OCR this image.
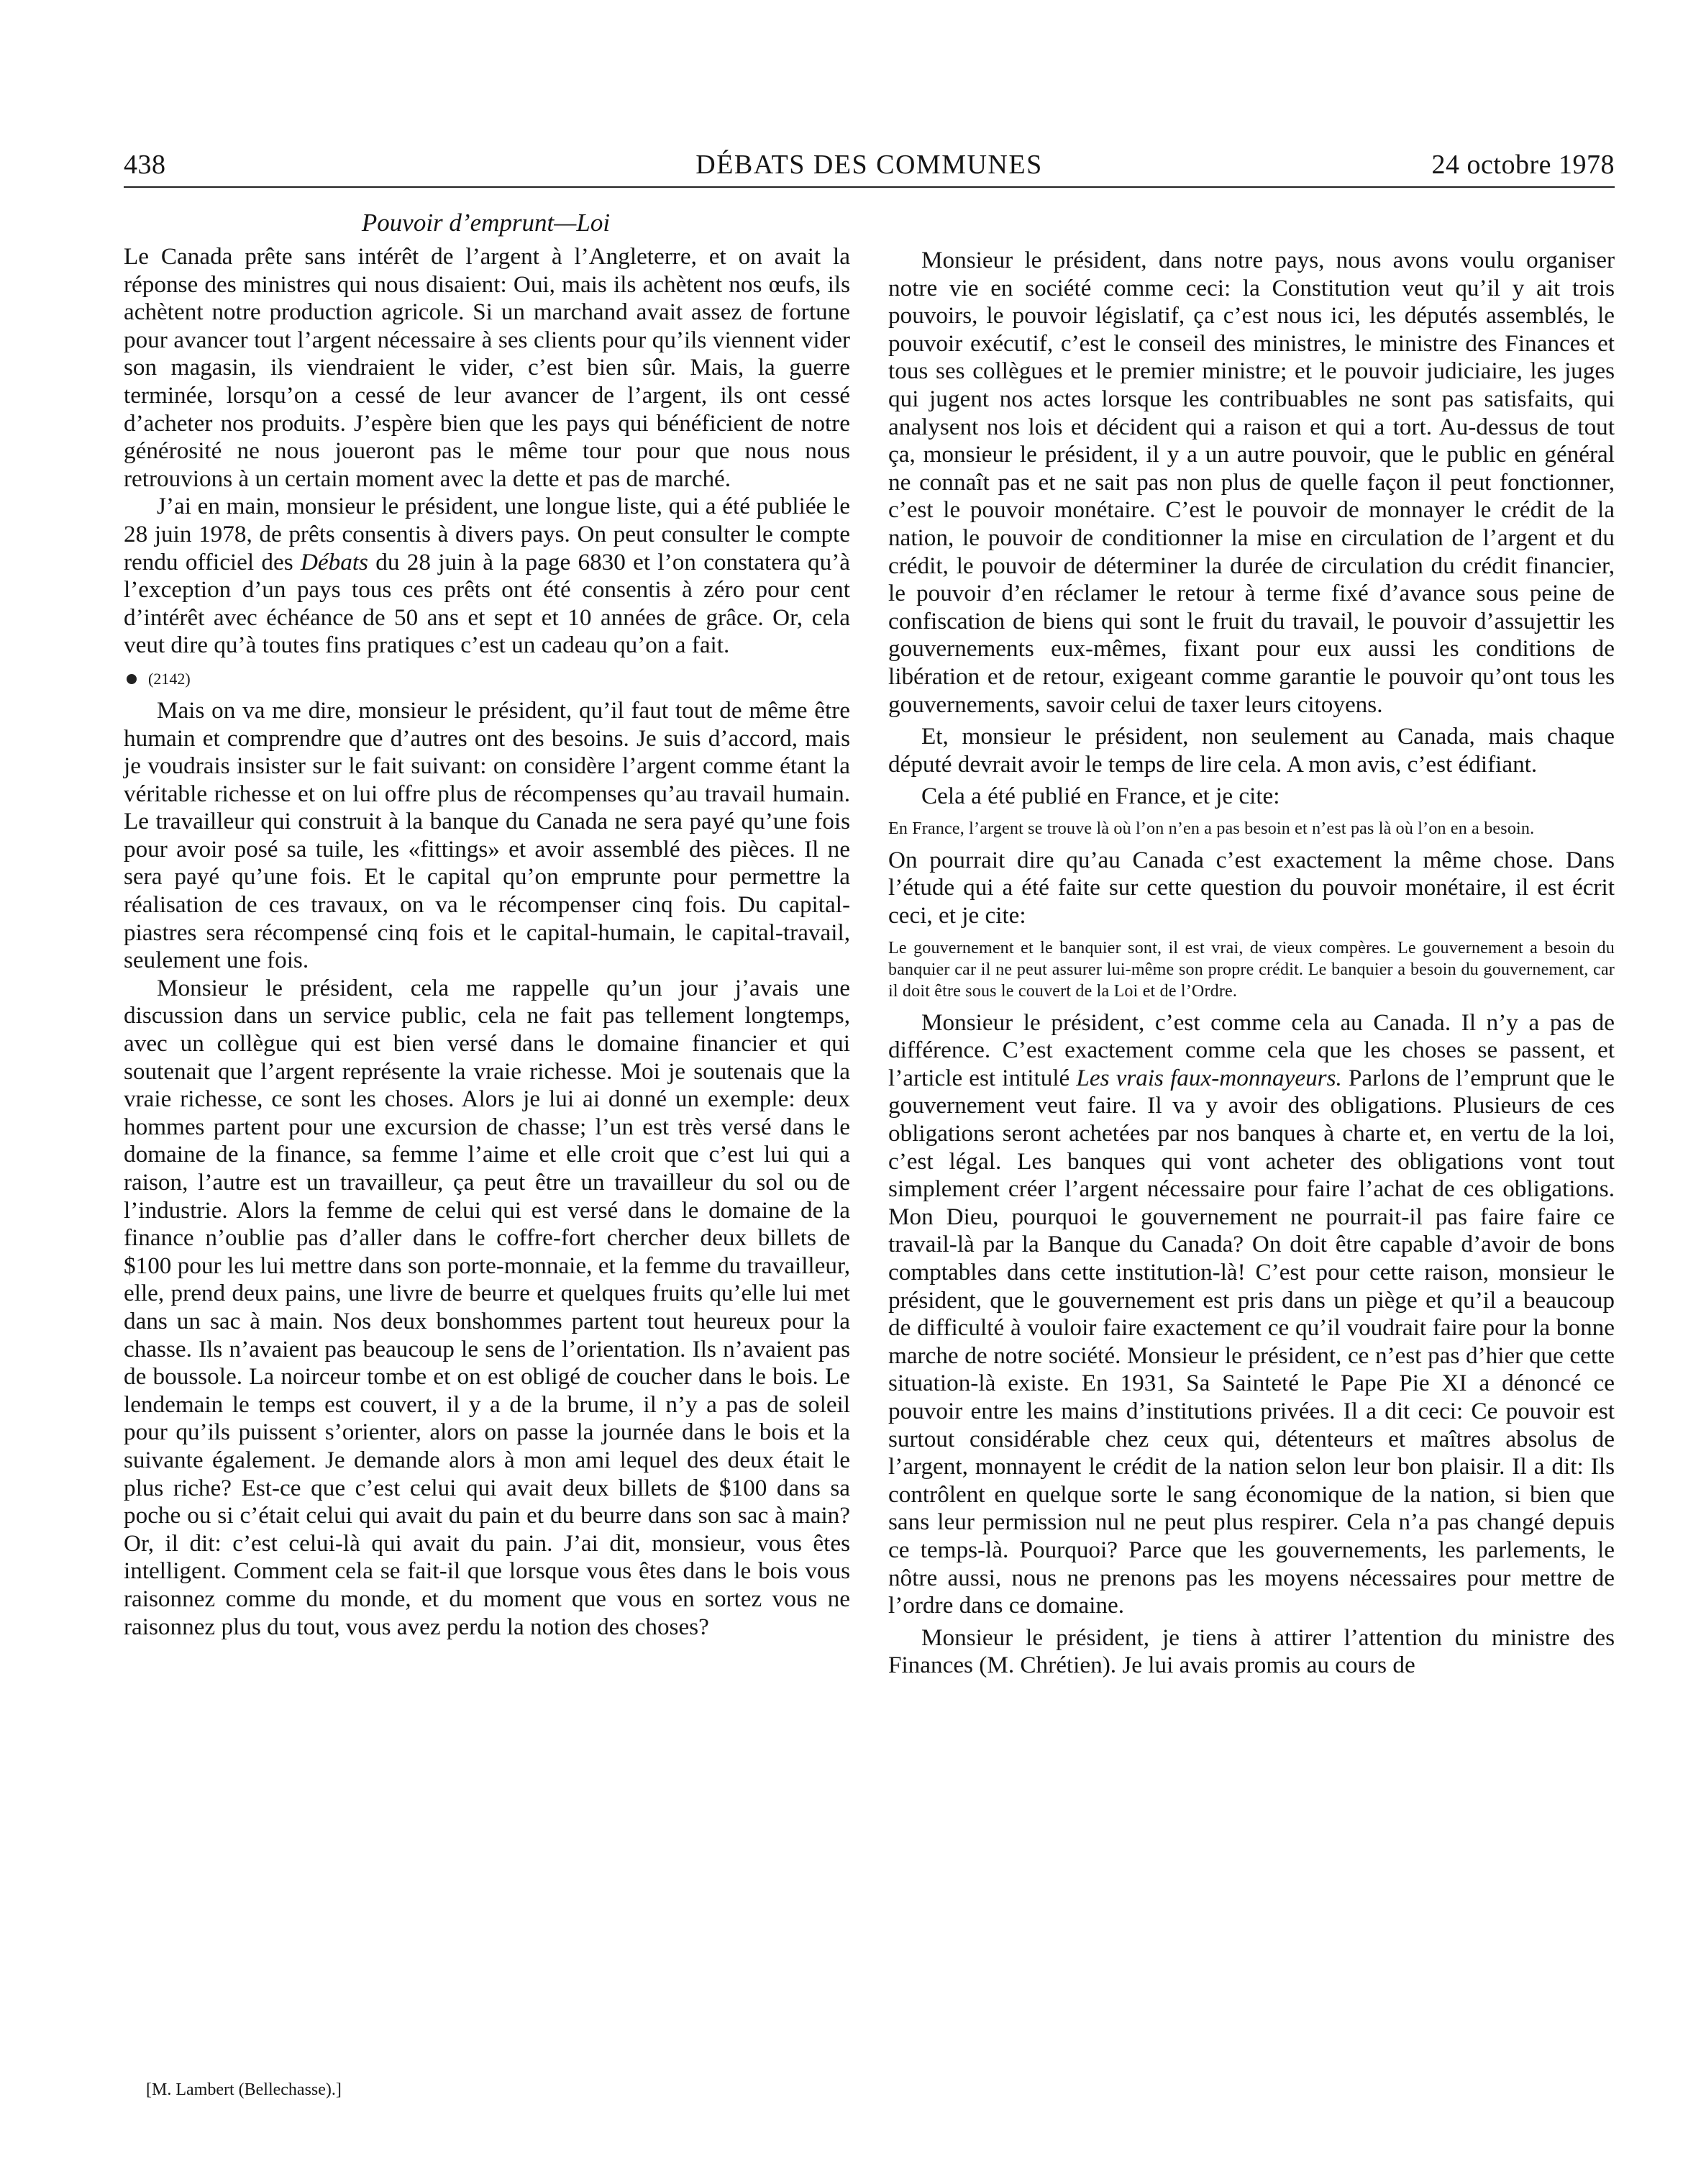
438	DÉBATS DES COMMUNES	24 octobre 1978
Pouvoir d’emprunt—Loi

Le Canada prête sans intérêt de l’argent à l’Angleterre, et on avait la réponse des ministres qui nous disaient: Oui, mais ils achètent nos œufs, ils achètent notre production agricole. Si un marchand avait assez de fortune pour avancer tout l’argent nécessaire à ses clients pour qu’ils viennent vider son magasin, ils viendraient le vider, c’est bien sûr. Mais, la guerre terminée, lorsqu’on a cessé de leur avancer de l’argent, ils ont cessé d’acheter nos produits. J’espère bien que les pays qui bénéficient de notre générosité ne nous joueront pas le même tour pour que nous nous retrouvions à un certain moment avec la dette et pas de marché.

J’ai en main, monsieur le président, une longue liste, qui a été publiée le 28 juin 1978, de prêts consentis à divers pays. On peut consulter le compte rendu officiel des Débats du 28 juin à la page 6830 et l’on constatera qu’à l’exception d’un pays tous ces prêts ont été consentis à zéro pour cent d’intérêt avec échéance de 50 ans et sept et 10 années de grâce. Or, cela veut dire qu’à toutes fins pratiques c’est un cadeau qu’on a fait.

(2142)

Mais on va me dire, monsieur le président, qu’il faut tout de même être humain et comprendre que d’autres ont des besoins. Je suis d’accord, mais je voudrais insister sur le fait suivant: on considère l’argent comme étant la véritable richesse et on lui offre plus de récompenses qu’au travail humain. Le travailleur qui construit à la banque du Canada ne sera payé qu’une fois pour avoir posé sa tuile, les «fittings» et avoir assemblé des pièces. Il ne sera payé qu’une fois. Et le capital qu’on emprunte pour permettre la réalisation de ces travaux, on va le récompenser cinq fois. Du capital-piastres sera récompensé cinq fois et le capital-humain, le capital-travail, seulement une fois.

Monsieur le président, cela me rappelle qu’un jour j’avais une discussion dans un service public, cela ne fait pas tellement longtemps, avec un collègue qui est bien versé dans le domaine financier et qui soutenait que l’argent représente la vraie richesse. Moi je soutenais que la vraie richesse, ce sont les choses. Alors je lui ai donné un exemple: deux hommes partent pour une excursion de chasse; l’un est très versé dans le domaine de la finance, sa femme l’aime et elle croit que c’est lui qui a raison, l’autre est un travailleur, ça peut être un travailleur du sol ou de l’industrie. Alors la femme de celui qui est versé dans le domaine de la finance n’oublie pas d’aller dans le coffre-fort chercher deux billets de $100 pour les lui mettre dans son porte-monnaie, et la femme du travailleur, elle, prend deux pains, une livre de beurre et quelques fruits qu’elle lui met dans un sac à main. Nos deux bonshommes partent tout heureux pour la chasse. Ils n’avaient pas beaucoup le sens de l’orientation. Ils n’avaient pas de boussole. La noirceur tombe et on est obligé de coucher dans le bois. Le lendemain le temps est couvert, il y a de la brume, il n’y a pas de soleil pour qu’ils puissent s’orienter, alors on passe la journée dans le bois et la suivante également. Je demande alors à mon ami lequel des deux était le plus riche? Est-ce que c’est celui qui avait deux billets de $100 dans sa poche ou si c’était celui qui avait du pain et du beurre dans son sac à main? Or, il dit: c’est celui-là qui avait du pain. J’ai dit, monsieur, vous êtes intelligent. Comment cela se fait-il que lorsque vous êtes dans le bois vous raisonnez comme du monde, et du moment que vous en sortez vous ne raisonnez plus du tout, vous avez perdu la notion des choses?

[M. Lambert (Bellechasse).]

Monsieur le président, dans notre pays, nous avons voulu organiser notre vie en société comme ceci: la Constitution veut qu’il y ait trois pouvoirs, le pouvoir législatif, ça c’est nous ici, les députés assemblés, le pouvoir exécutif, c’est le conseil des ministres, le ministre des Finances et tous ses collègues et le premier ministre; et le pouvoir judiciaire, les juges qui jugent nos actes lorsque les contribuables ne sont pas satisfaits, qui analysent nos lois et décident qui a raison et qui a tort. Au-dessus de tout ça, monsieur le président, il y a un autre pouvoir, que le public en général ne connaît pas et ne sait pas non plus de quelle façon il peut fonctionner, c’est le pouvoir monétaire. C’est le pouvoir de monnayer le crédit de la nation, le pouvoir de conditionner la mise en circulation de l’argent et du crédit, le pouvoir de déterminer la durée de circulation du crédit financier, le pouvoir d’en réclamer le retour à terme fixé d’avance sous peine de confiscation de biens qui sont le fruit du travail, le pouvoir d’assujettir les gouvernements eux-mêmes, fixant pour eux aussi les conditions de libération et de retour, exigeant comme garantie le pouvoir qu’ont tous les gouvernements, savoir celui de taxer leurs citoyens.

Et, monsieur le président, non seulement au Canada, mais chaque député devrait avoir le temps de lire cela. A mon avis, c’est édifiant.

Cela a été publié en France, et je cite:

En France, l’argent se trouve là où l’on n’en a pas besoin et n’est pas là où l’on en a besoin.

On pourrait dire qu’au Canada c’est exactement la même chose. Dans l’étude qui a été faite sur cette question du pouvoir monétaire, il est écrit ceci, et je cite:

Le gouvernement et le banquier sont, il est vrai, de vieux compères. Le gouvernement a besoin du banquier car il ne peut assurer lui-même son propre crédit. Le banquier a besoin du gouvernement, car il doit être sous le couvert de la Loi et de l’Ordre.

Monsieur le président, c’est comme cela au Canada. Il n’y a pas de différence. C’est exactement comme cela que les choses se passent, et l’article est intitulé Les vrais faux-monnayeurs. Parlons de l’emprunt que le gouvernement veut faire. Il va y avoir des obligations. Plusieurs de ces obligations seront achetées par nos banques à charte et, en vertu de la loi, c’est légal. Les banques qui vont acheter des obligations vont tout simplement créer l’argent nécessaire pour faire l’achat de ces obligations. Mon Dieu, pourquoi le gouvernement ne pourrait-il pas faire faire ce travail-là par la Banque du Canada? On doit être capable d’avoir de bons comptables dans cette institution-là! C’est pour cette raison, monsieur le président, que le gouvernement est pris dans un piège et qu’il a beaucoup de difficulté à vouloir faire exactement ce qu’il voudrait faire pour la bonne marche de notre société. Monsieur le président, ce n’est pas d’hier que cette situation-là existe. En 1931, Sa Sainteté le Pape Pie XI a dénoncé ce pouvoir entre les mains d’institutions privées. Il a dit ceci: Ce pouvoir est surtout considérable chez ceux qui, détenteurs et maîtres absolus de l’argent, monnayent le crédit de la nation selon leur bon plaisir. Il a dit: Ils contrôlent en quelque sorte le sang économique de la nation, si bien que sans leur permission nul ne peut plus respirer. Cela n’a pas changé depuis ce temps-là. Pourquoi? Parce que les gouvernements, les parlements, le nôtre aussi, nous ne prenons pas les moyens nécessaires pour mettre de l’ordre dans ce domaine.

Monsieur le président, je tiens à attirer l’attention du ministre des Finances (M. Chrétien). Je lui avais promis au cours de
